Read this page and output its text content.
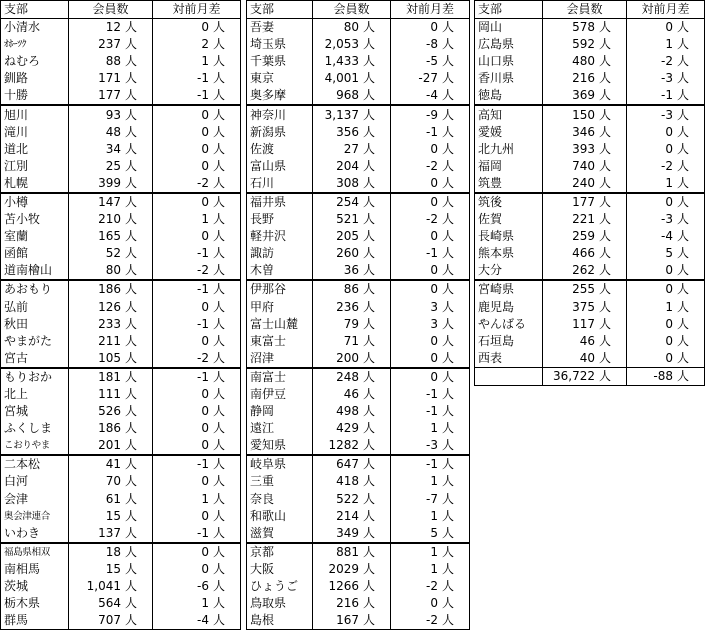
支部	会員数	対前月差
小清水	12 人	0 人
ｵﾎｰﾂｸ	237 人	2 人
ねむろ	88 人	1 人
釧路	171 人	-1 人
十勝	177 人	-1 人
旭川	93 人	0 人
滝川	48 人	0 人
道北	34 人	0 人
江別	25 人	0 人
札幌	399 人	-2 人
小樽	147 人	0 人
苫小牧	210 人	1 人
室蘭	165 人	0 人
函館	52 人	-1 人
道南檜山	80 人	-2 人
あおもり	186 人	-1 人
弘前	126 人	0 人
秋田	233 人	-1 人
やまがた	211 人	0 人
宮古	105 人	-2 人
もりおか	181 人	-1 人
北上	111 人	0 人
宮城	526 人	0 人
ふくしま	186 人	0 人
こおりやま	201 人	0 人
二本松	41 人	-1 人
白河	70 人	0 人
会津	61 人	1 人
奥会津連合	15 人	0 人
いわき	137 人	-1 人
福島県相双	18 人	0 人
南相馬	15 人	0 人
茨城	1,041 人	-6 人
栃木県	564 人	1 人
群馬	707 人	-4 人
支部	会員数	対前月差
吾妻	80 人	0 人
埼玉県	2,053 人	-8 人
千葉県	1,433 人	-5 人
東京	4,001 人	-27 人
奥多摩	968 人	-4 人
神奈川	3,137 人	-9 人
新潟県	356 人	-1 人
佐渡	27 人	0 人
富山県	204 人	-2 人
石川	308 人	0 人
福井県	254 人	0 人
長野	521 人	-2 人
軽井沢	205 人	0 人
諏訪	260 人	-1 人
木曽	36 人	0 人
伊那谷	86 人	0 人
甲府	236 人	3 人
富士山麓	79 人	3 人
東富士	71 人	0 人
沼津	200 人	0 人
南富士	248 人	0 人
南伊豆	46 人	-1 人
静岡	498 人	-1 人
遠江	429 人	1 人
愛知県	1282 人	-3 人
岐阜県	647 人	-1 人
三重	418 人	1 人
奈良	522 人	-7 人
和歌山	214 人	1 人
滋賀	349 人	5 人
京都	881 人	1 人
大阪	2029 人	1 人
ひょうご	1266 人	-2 人
鳥取県	216 人	0 人
島根	167 人	-2 人
支部	会員数	対前月差
岡山	578 人	0 人
広島県	592 人	1 人
山口県	480 人	-2 人
香川県	216 人	-3 人
徳島	369 人	-1 人
高知	150 人	-3 人
愛媛	346 人	0 人
北九州	393 人	0 人
福岡	740 人	-2 人
筑豊	240 人	1 人
筑後	177 人	0 人
佐賀	221 人	-3 人
長崎県	259 人	-4 人
熊本県	466 人	5 人
大分	262 人	0 人
宮崎県	255 人	0 人
鹿児島	375 人	1 人
やんばる	117 人	0 人
石垣島	46 人	0 人
西表	40 人	0 人
	36,722 人	-88 人
